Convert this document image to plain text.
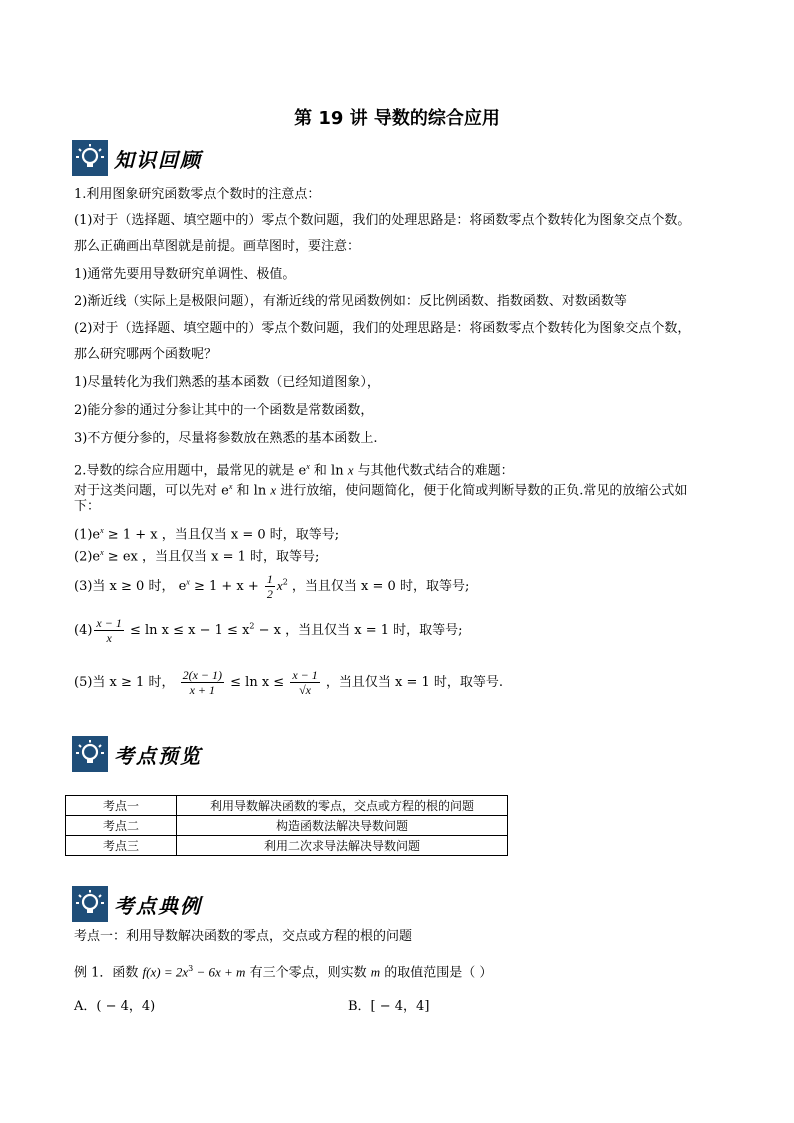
第 19 讲 导数的综合应用
知识回顾
1.利用图象研究函数零点个数时的注意点：
(1)对于（选择题、填空题中的）零点个数问题，我们的处理思路是：将函数零点个数转化为图象交点个数。
那么正确画出草图就是前提。画草图时，要注意：
1)通常先要用导数研究单调性、极值。
2)渐近线（实际上是极限问题），有渐近线的常见函数例如：反比例函数、指数函数、对数函数等
(2)对于（选择题、填空题中的）零点个数问题，我们的处理思路是：将函数零点个数转化为图象交点个数，
那么研究哪两个函数呢？
1)尽量转化为我们熟悉的基本函数（已经知道图象），
2)能分参的通过分参让其中的一个函数是常数函数，
3)不方便分参的，尽量将参数放在熟悉的基本函数上.
2.导数的综合应用题中，最常见的就是 $e^x$ 和 ln x 与其他代数式结合的难题：
对于这类问题，可以先对 $e^x$ 和 ln x 进行放缩，使问题简化，便于化简或判断导数的正负.常见的放缩公式如
下：
$(1)e^x \ge 1 + x$ ，当且仅当 x = 0 时，取等号;
$(2)e^x$ ≥ ex ，当且仅当 x = 1 时，取等号;
(3)当 x ≥ 0 时， $e^x \ge 1 + x + \frac{1}{2} x^2$ ，当且仅当 x = 0 时，取等号;
$(4) \frac{x - 1}{x} \le \ln x \le x - 1 \le x^2 - x$ ，当且仅当 x = 1 时，取等号;
(5)当 x ≥ 1 时， $\frac{2(x - 1)}{x + 1} \le \ln x \le \frac{x - 1}{√x}$ ，当且仅当 x = 1 时，取等号.
考点预览
考点一	利用导数解决函数的零点，交点或方程的根的问题
考点二	构造函数法解决导数问题
考点三	利用二次求导法解决导数问题
考点典例
考点一：利用导数解决函数的零点，交点或方程的根的问题
例 1．函数 $f(x) = 2x^3 - 6x + m$ 有三个零点，则实数 m 的取值范围是（ ）
A．( − 4，4)	B．[ − 4，4]
